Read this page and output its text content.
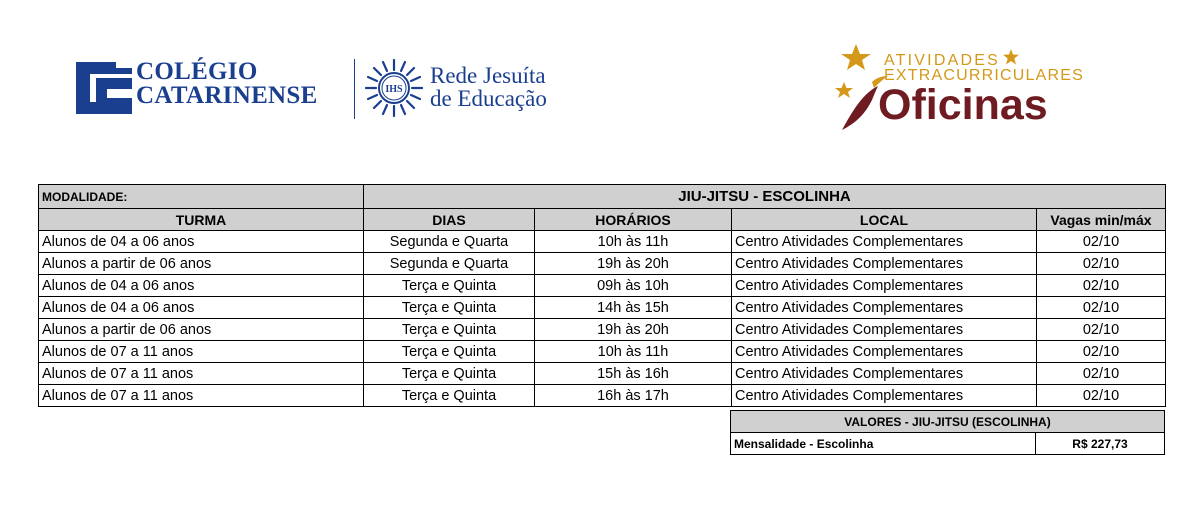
COLÉGIO
CATARINENSE	IHS
Rede Jesuíta
de Educação
ATIVIDADES
EXTRACURRICULARES
Oficinas
MODALIDADE:	JIU-JITSU - ESCOLINHA			
TURMA	DIAS	HORÁRIOS	LOCAL	Vagas min/máx
Alunos de 04 a 06 anos	Segunda e Quarta	10h às 11h	Centro Atividades Complementares	02/10
Alunos a partir de 06 anos	Segunda e Quarta	19h às 20h	Centro Atividades Complementares	02/10
Alunos de 04 a 06 anos	Terça e Quinta	09h às 10h	Centro Atividades Complementares	02/10
Alunos de 04 a 06 anos	Terça e Quinta	14h às 15h	Centro Atividades Complementares	02/10
Alunos a partir de 06 anos	Terça e Quinta	19h às 20h	Centro Atividades Complementares	02/10
Alunos de 07 a 11 anos	Terça e Quinta	10h às 11h	Centro Atividades Complementares	02/10
Alunos de 07 a 11 anos	Terça e Quinta	15h às 16h	Centro Atividades Complementares	02/10
Alunos de 07 a 11 anos	Terça e Quinta	16h às 17h	Centro Atividades Complementares	02/10
VALORES - JIU-JITSU (ESCOLINHA)
Mensalidade - Escolinha	R$ 227,73
